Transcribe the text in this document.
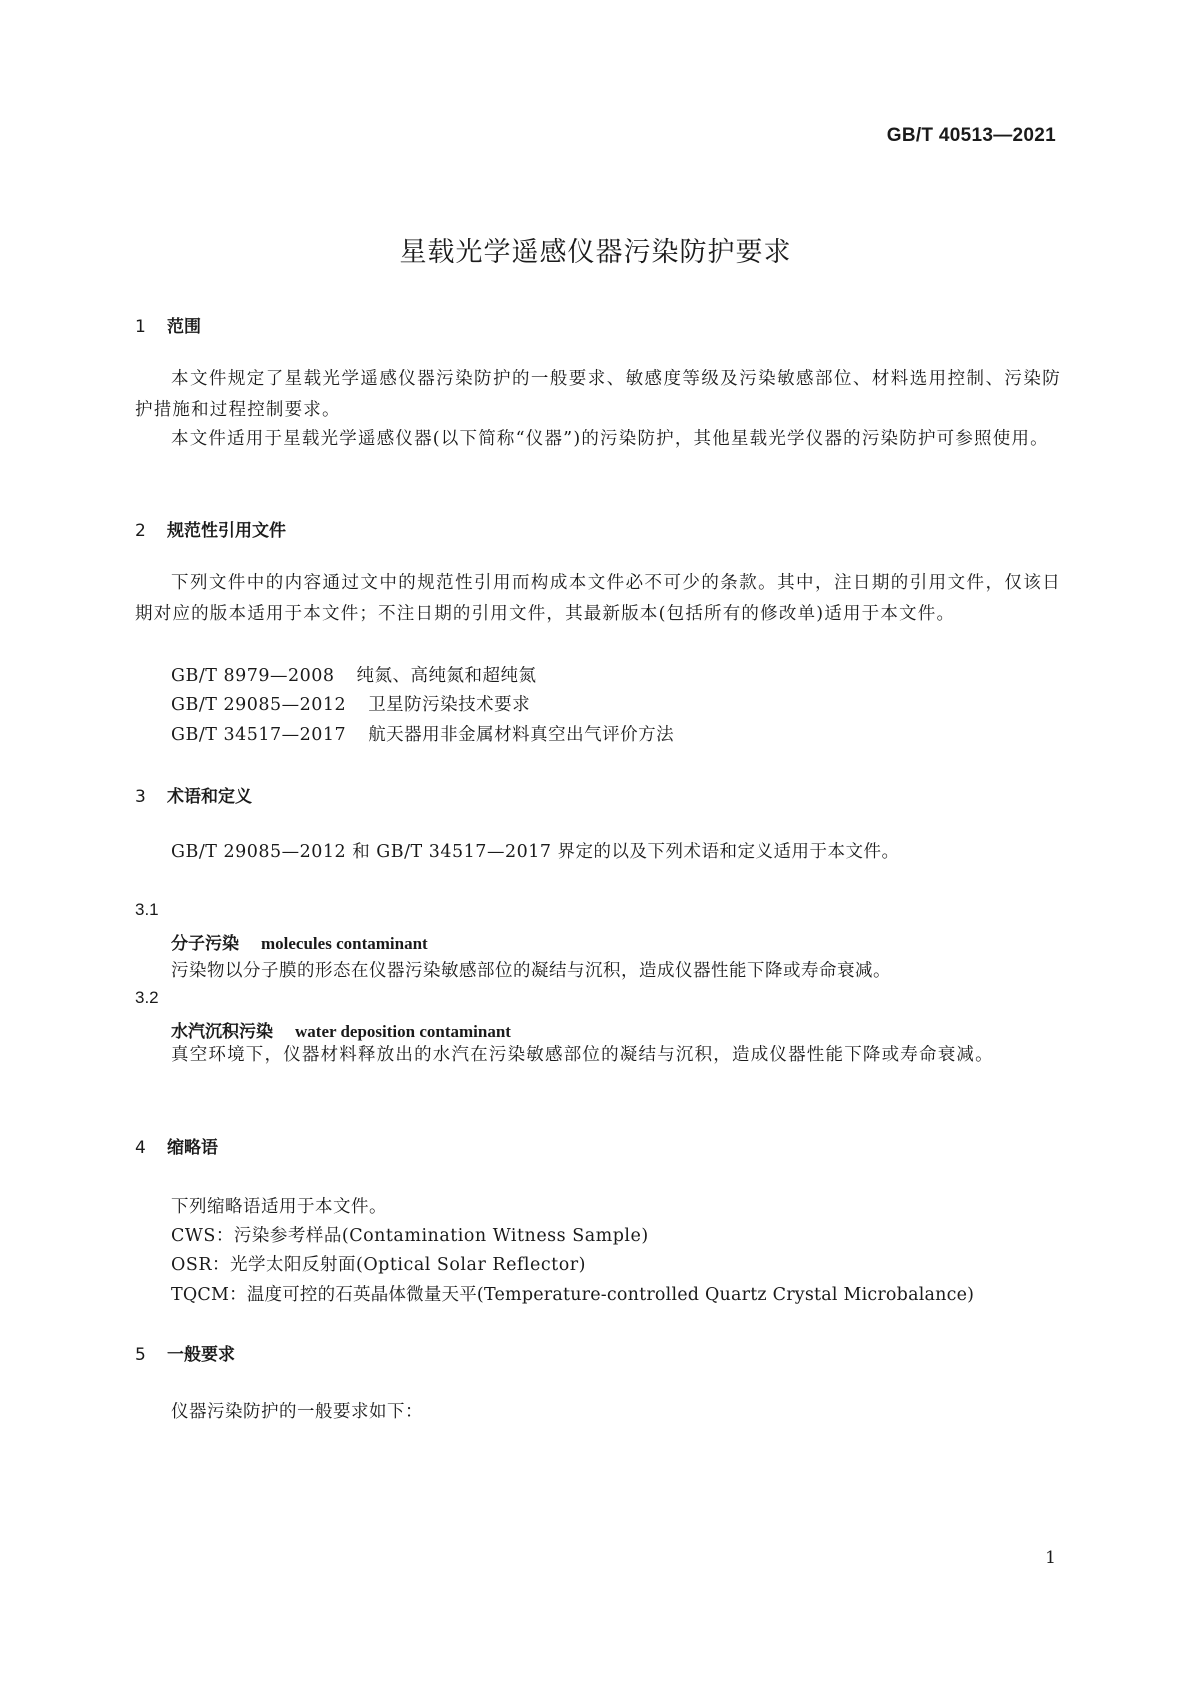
GB/T 40513—2021
星载光学遥感仪器污染防护要求
1 范围
本文件规定了星载光学遥感仪器污染防护的一般要求、敏感度等级及污染敏感部位、材料选用控制、污染防护措施和过程控制要求。
本文件适用于星载光学遥感仪器(以下简称“仪器”)的污染防护，其他星载光学仪器的污染防护可参照使用。
2 规范性引用文件
下列文件中的内容通过文中的规范性引用而构成本文件必不可少的条款。其中，注日期的引用文件，仅该日期对应的版本适用于本文件；不注日期的引用文件，其最新版本(包括所有的修改单)适用于本文件。
GB/T 8979—2008 纯氮、高纯氮和超纯氮
GB/T 29085—2012 卫星防污染技术要求
GB/T 34517—2017 航天器用非金属材料真空出气评价方法
3 术语和定义
GB/T 29085—2012 和 GB/T 34517—2017 界定的以及下列术语和定义适用于本文件。
3.1
分子污染 molecules contaminant
污染物以分子膜的形态在仪器污染敏感部位的凝结与沉积，造成仪器性能下降或寿命衰减。
3.2
水汽沉积污染 water deposition contaminant
真空环境下，仪器材料释放出的水汽在污染敏感部位的凝结与沉积，造成仪器性能下降或寿命衰减。
4 缩略语
下列缩略语适用于本文件。
CWS：污染参考样品(Contamination Witness Sample)
OSR：光学太阳反射面(Optical Solar Reflector)
TQCM：温度可控的石英晶体微量天平(Temperature-controlled Quartz Crystal Microbalance)
5 一般要求
仪器污染防护的一般要求如下：
1
